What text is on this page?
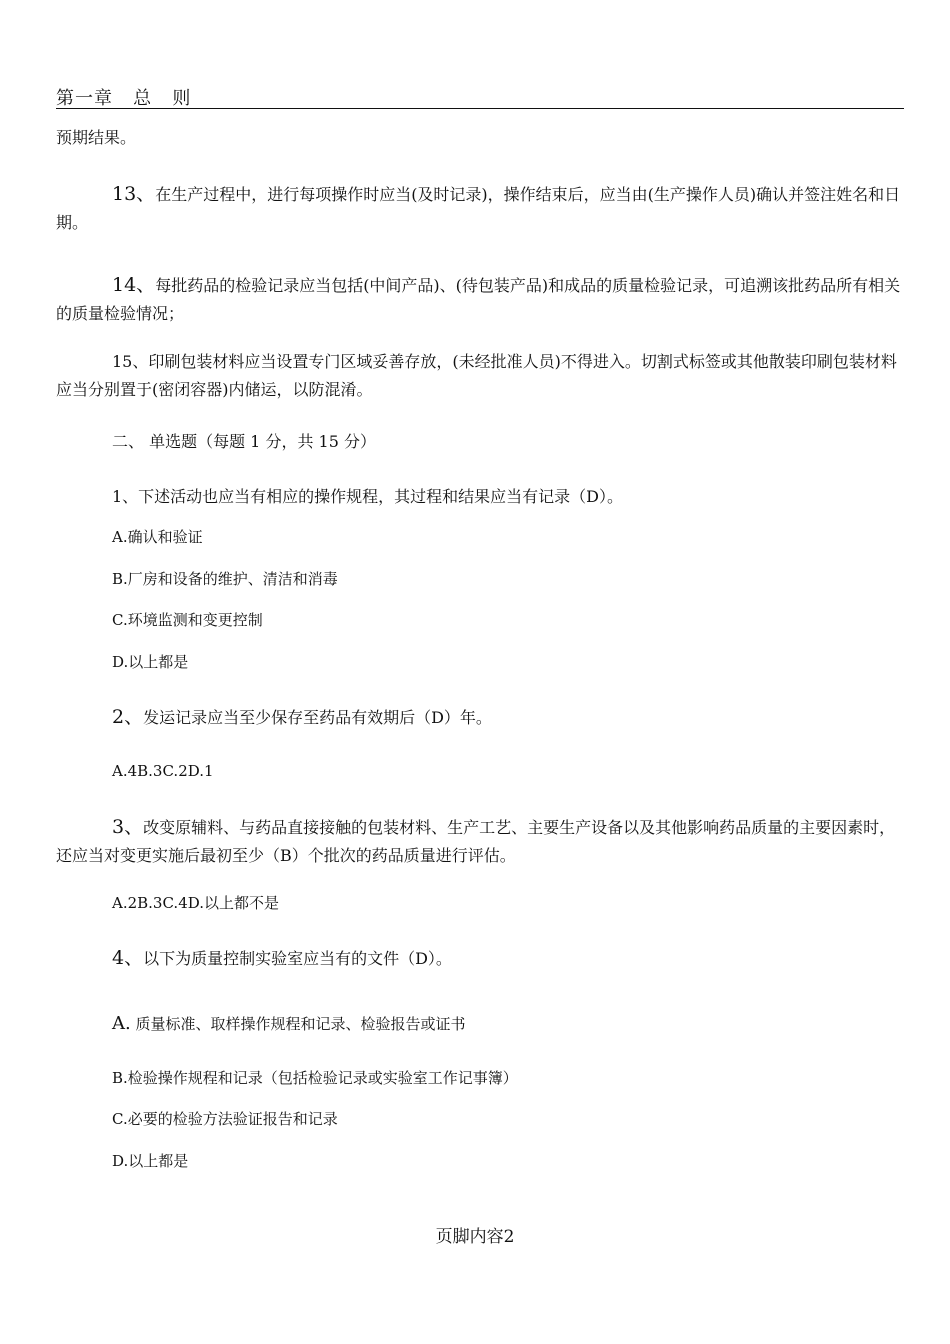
第一章   总   则
预期结果。
13、在生产过程中，进行每项操作时应当(及时记录)，操作结束后，应当由(生产操作人员)确认并签注姓名和日期。
14、每批药品的检验记录应当包括(中间产品)、(待包装产品)和成品的质量检验记录，可追溯该批药品所有相关的质量检验情况；
15、印刷包装材料应当设置专门区域妥善存放，(未经批准人员)不得进入。切割式标签或其他散装印刷包装材料应当分别置于(密闭容器)内储运，以防混淆。
二、 单选题（每题 1 分，共 15 分）
1、下述活动也应当有相应的操作规程，其过程和结果应当有记录（D）。
A.确认和验证
B.厂房和设备的维护、清洁和消毒
C.环境监测和变更控制
D.以上都是
2、发运记录应当至少保存至药品有效期后（D）年。
A.4B.3C.2D.1
3、改变原辅料、与药品直接接触的包装材料、生产工艺、主要生产设备以及其他影响药品质量的主要因素时，还应当对变更实施后最初至少（B）个批次的药品质量进行评估。
A.2B.3C.4D.以上都不是
4、以下为质量控制实验室应当有的文件（D）。
A. 质量标准、取样操作规程和记录、检验报告或证书
B.检验操作规程和记录（包括检验记录或实验室工作记事簿）
C.必要的检验方法验证报告和记录
D.以上都是
页脚内容2
